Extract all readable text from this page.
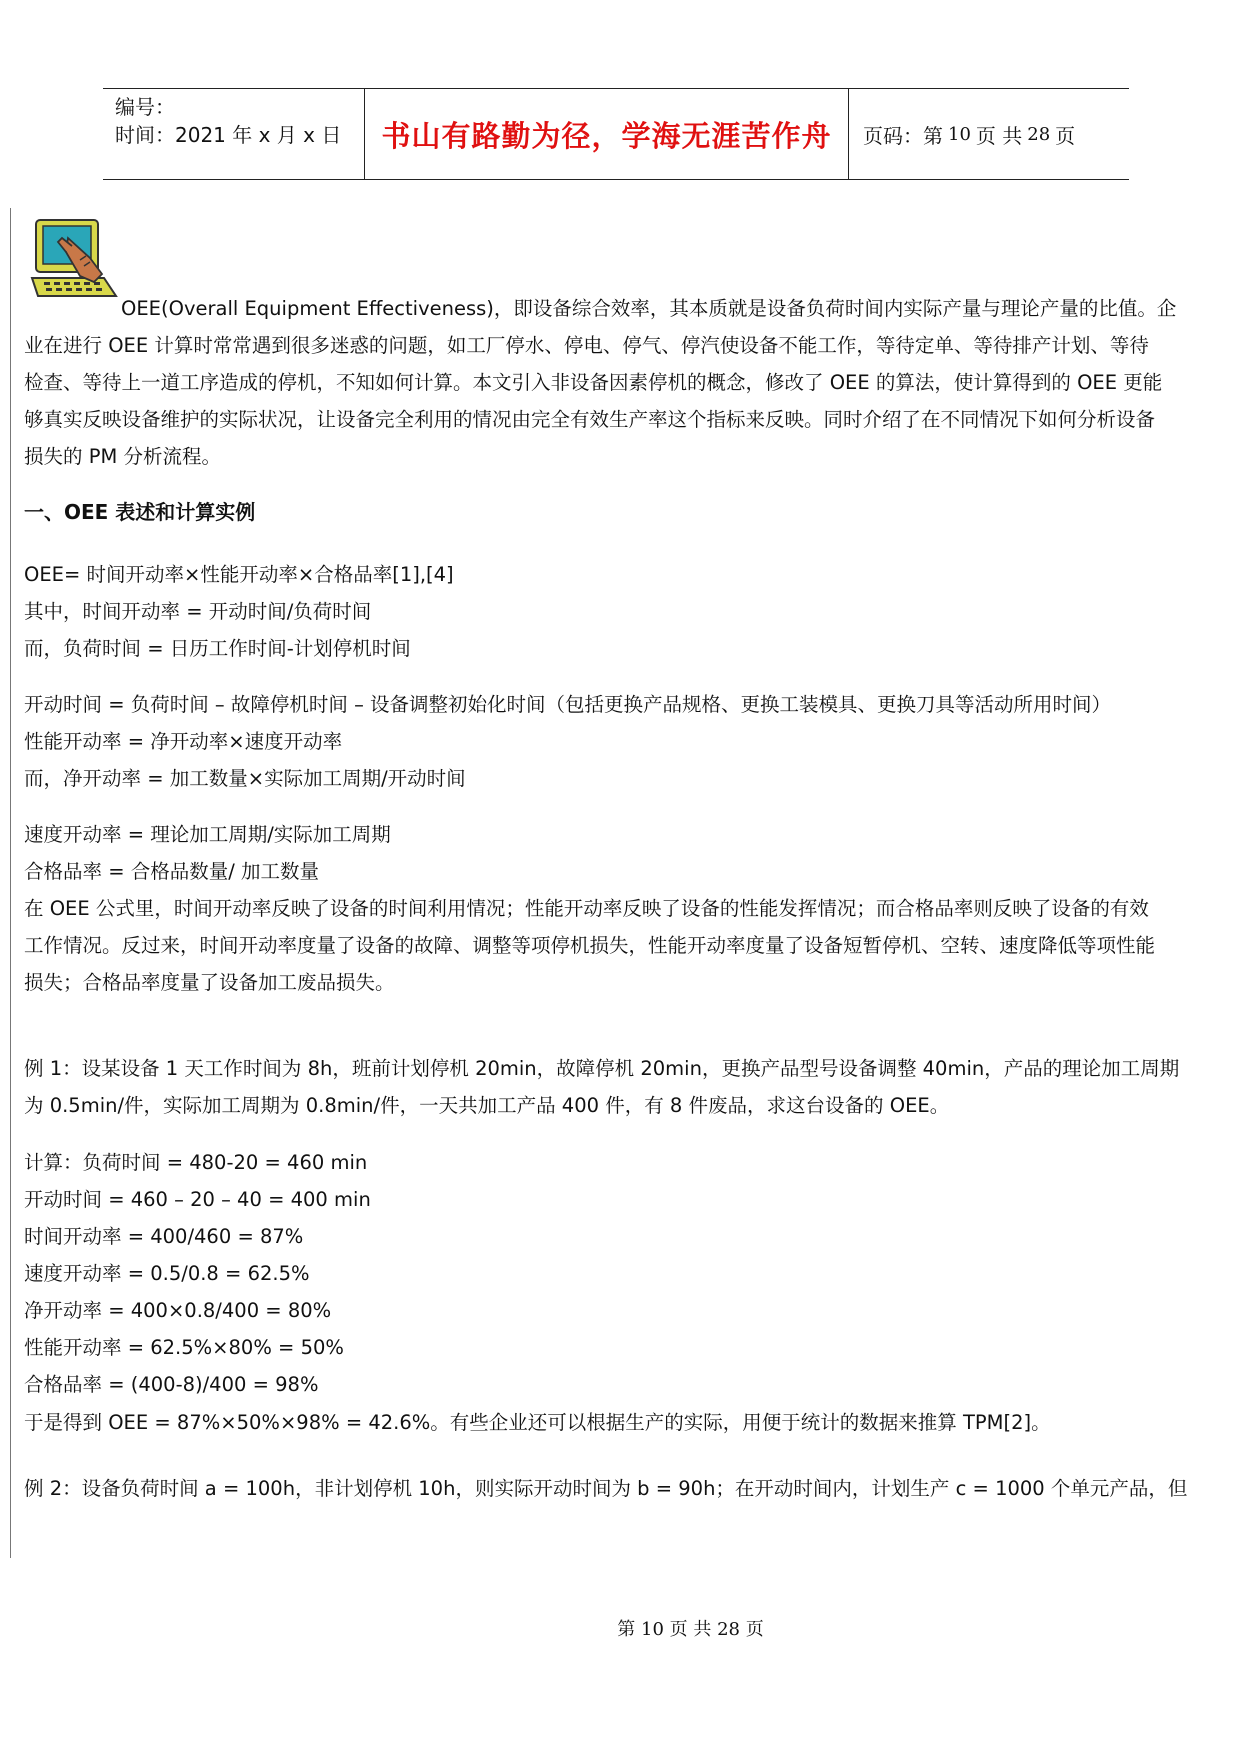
编号：
时间：2021 年 x 月 x 日	书山有路勤为径，学海无涯苦作舟 页码：第 10 页 共 28 页

OEE(Overall Equipment Effectiveness)，即设备综合效率，其本质就是设备负荷时间内实际产量与理论产量的比值。企

业在进行 OEE 计算时常常遇到很多迷惑的问题，如工厂停水、停电、停气、停汽使设备不能工作，等待定单、等待排产计划、等待

检查、等待上一道工序造成的停机，不知如何计算。本文引入非设备因素停机的概念，修改了 OEE 的算法，使计算得到的 OEE 更能

够真实反映设备维护的实际状况，让设备完全利用的情况由完全有效生产率这个指标来反映。同时介绍了在不同情况下如何分析设备

损失的 PM 分析流程。

一、OEE 表述和计算实例

OEE= 时间开动率×性能开动率×合格品率[1],[4]

其中，时间开动率 = 开动时间/负荷时间

而，负荷时间 = 日历工作时间-计划停机时间

开动时间 = 负荷时间 – 故障停机时间 – 设备调整初始化时间（包括更换产品规格、更换工装模具、更换刀具等活动所用时间）

性能开动率 = 净开动率×速度开动率

而，净开动率 = 加工数量×实际加工周期/开动时间

速度开动率 = 理论加工周期/实际加工周期

合格品率 = 合格品数量/ 加工数量

在 OEE 公式里，时间开动率反映了设备的时间利用情况；性能开动率反映了设备的性能发挥情况；而合格品率则反映了设备的有效

工作情况。反过来，时间开动率度量了设备的故障、调整等项停机损失，性能开动率度量了设备短暂停机、空转、速度降低等项性能

损失；合格品率度量了设备加工废品损失。

例 1：设某设备 1 天工作时间为 8h，班前计划停机 20min，故障停机 20min，更换产品型号设备调整 40min，产品的理论加工周期

为 0.5min/件，实际加工周期为 0.8min/件，一天共加工产品 400 件，有 8 件废品，求这台设备的 OEE。

计算：负荷时间 = 480-20 = 460 min

开动时间 = 460 – 20 – 40 = 400 min

时间开动率 = 400/460 = 87%

速度开动率 = 0.5/0.8 = 62.5%

净开动率 = 400×0.8/400 = 80%

性能开动率 = 62.5%×80% = 50%

合格品率 = (400-8)/400 = 98%

于是得到 OEE = 87%×50%×98% = 42.6%。有些企业还可以根据生产的实际，用便于统计的数据来推算 TPM[2]。

例 2：设备负荷时间 a = 100h，非计划停机 10h，则实际开动时间为 b = 90h；在开动时间内，计划生产 c = 1000 个单元产品，但

第 10 页 共 28 页
